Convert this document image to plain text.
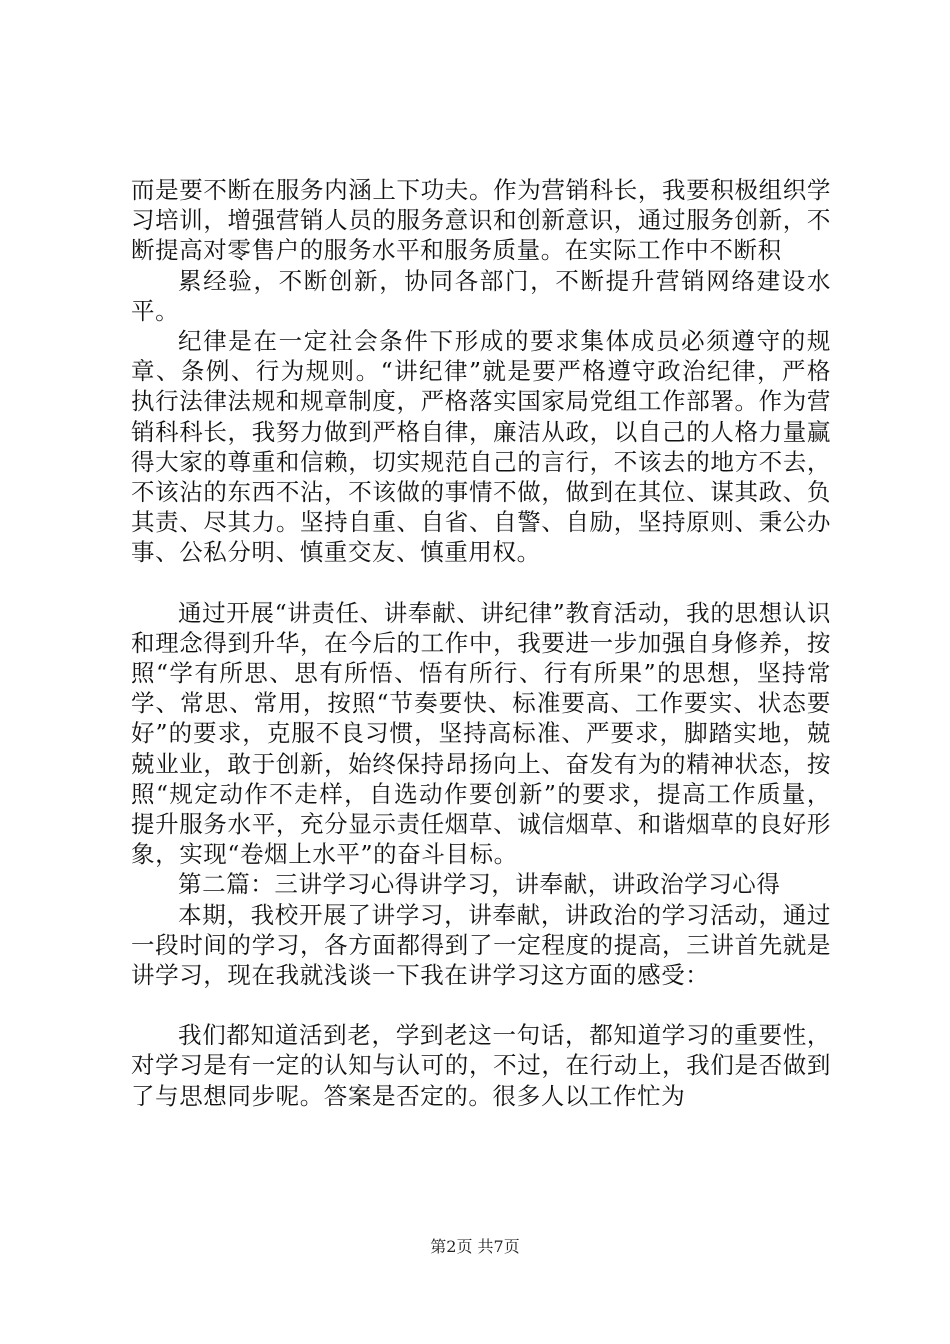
而是要不断在服务内涵上下功夫。作为营销科长，我要积极组织学习培训，增强营销人员的服务意识和创新意识，通过服务创新，不断提高对零售户的服务水平和服务质量。在实际工作中不断积

累经验，不断创新，协同各部门，不断提升营销网络建设水平。

纪律是在一定社会条件下形成的要求集体成员必须遵守的规章、条例、行为规则。“讲纪律”就是要严格遵守政治纪律，严格执行法律法规和规章制度，严格落实国家局党组工作部署。作为营销科科长，我努力做到严格自律，廉洁从政，以自己的人格力量赢得大家的尊重和信赖，切实规范自己的言行，不该去的地方不去，不该沾的东西不沾，不该做的事情不做，做到在其位、谋其政、负其责、尽其力。坚持自重、自省、自警、自励，坚持原则、秉公办事、公私分明、慎重交友、慎重用权。

通过开展“讲责任、讲奉献、讲纪律”教育活动，我的思想认识和理念得到升华，在今后的工作中，我要进一步加强自身修养，按照“学有所思、思有所悟、悟有所行、行有所果”的思想，坚持常学、常思、常用，按照“节奏要快、标准要高、工作要实、状态要好”的要求，克服不良习惯，坚持高标准、严要求，脚踏实地，兢兢业业，敢于创新，始终保持昂扬向上、奋发有为的精神状态，按照“规定动作不走样，自选动作要创新”的要求，提高工作质量，提升服务水平，充分显示责任烟草、诚信烟草、和谐烟草的良好形象，实现“卷烟上水平”的奋斗目标。

第二篇：三讲学习心得讲学习，讲奉献，讲政治学习心得

本期，我校开展了讲学习，讲奉献，讲政治的学习活动，通过一段时间的学习，各方面都得到了一定程度的提高，三讲首先就是讲学习，现在我就浅谈一下我在讲学习这方面的感受：

我们都知道活到老，学到老这一句话，都知道学习的重要性，对学习是有一定的认知与认可的，不过，在行动上，我们是否做到了与思想同步呢。答案是否定的。很多人以工作忙为

第2页 共7页
